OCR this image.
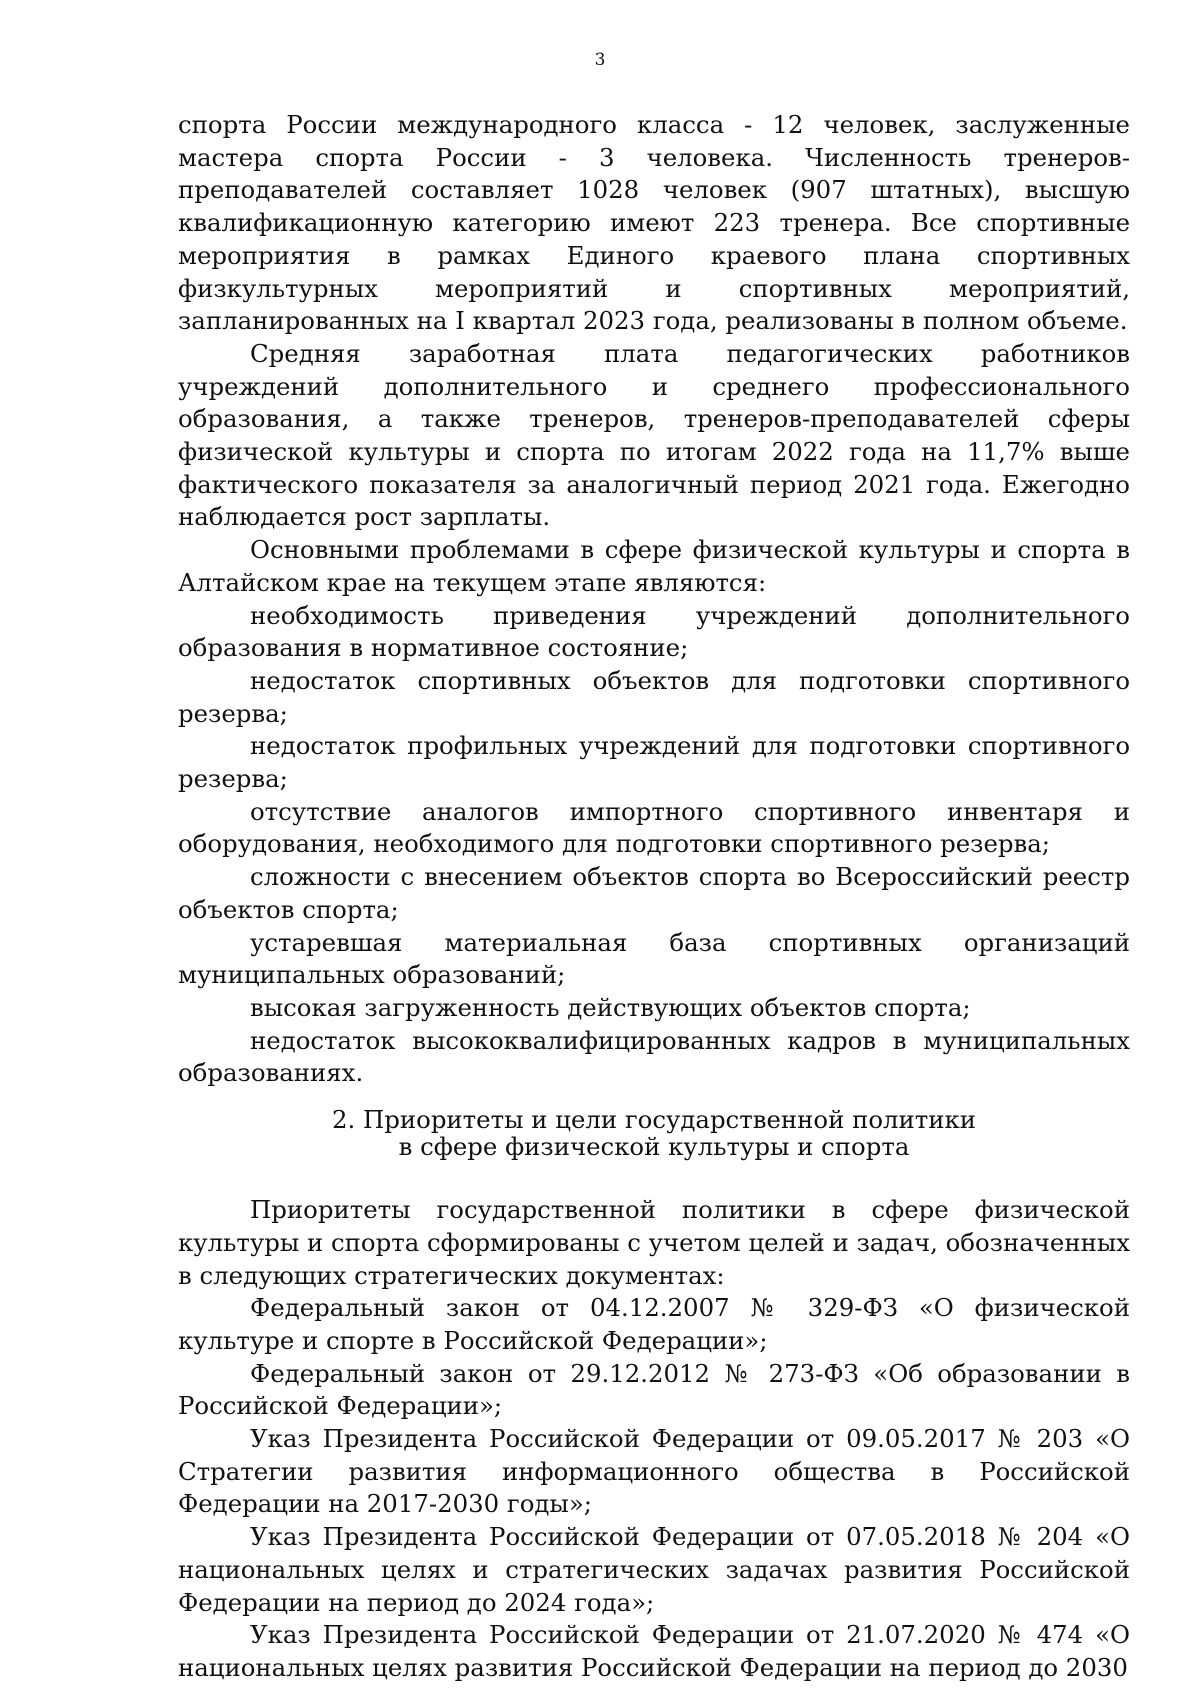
3

спорта России международного класса - 12 человек, заслуженные мастера спорта России - 3 человека. Численность тренеров-преподавателей составляет 1028 человек (907 штатных), высшую квалификационную категорию имеют 223 тренера. Все спортивные мероприятия в рамках Единого краевого плана спортивных физкультурных мероприятий и спортивных мероприятий, запланированных на I квартал 2023 года, реализованы в полном объеме.

Средняя заработная плата педагогических работников учреждений дополнительного и среднего профессионального образования, а также тренеров, тренеров-преподавателей сферы физической культуры и спорта по итогам 2022 года на 11,7% выше фактического показателя за аналогичный период 2021 года. Ежегодно наблюдается рост зарплаты.

Основными проблемами в сфере физической культуры и спорта в Алтайском крае на текущем этапе являются:

необходимость приведения учреждений дополнительного образования в нормативное состояние;

недостаток спортивных объектов для подготовки спортивного резерва;

недостаток профильных учреждений для подготовки спортивного резерва;

отсутствие аналогов импортного спортивного инвентаря и оборудования, необходимого для подготовки спортивного резерва;

сложности с внесением объектов спорта во Всероссийский реестр объектов спорта;

устаревшая материальная база спортивных организаций муниципальных образований;

высокая загруженность действующих объектов спорта;

недостаток высококвалифицированных кадров в муниципальных образованиях.

2. Приоритеты и цели государственной политики
в сфере физической культуры и спорта

Приоритеты государственной политики в сфере физической культуры и спорта сформированы с учетом целей и задач, обозначенных в следующих стратегических документах:

Федеральный закон от 04.12.2007 № 329-ФЗ «О физической культуре и спорте в Российской Федерации»;

Федеральный закон от 29.12.2012 № 273-ФЗ «Об образовании в Российской Федерации»;

Указ Президента Российской Федерации от 09.05.2017 № 203 «О Стратегии развития информационного общества в Российской Федерации на 2017-2030 годы»;

Указ Президента Российской Федерации от 07.05.2018 № 204 «О национальных целях и стратегических задачах развития Российской Федерации на период до 2024 года»;

Указ Президента Российской Федерации от 21.07.2020 № 474 «О национальных целях развития Российской Федерации на период до 2030
